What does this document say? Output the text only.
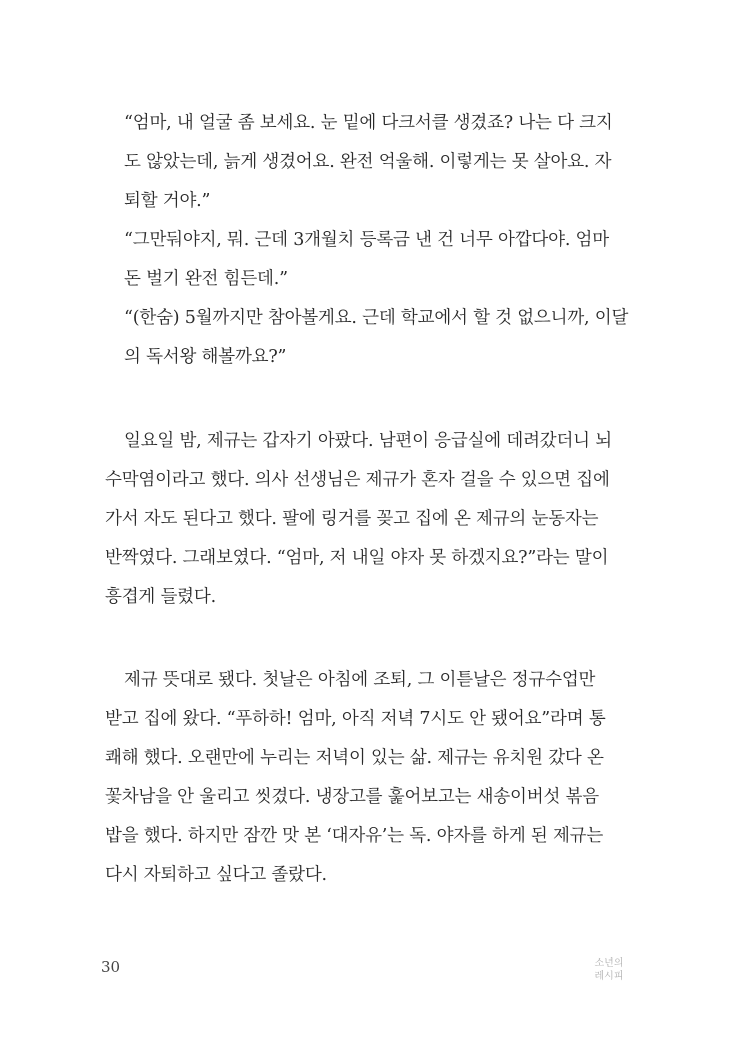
“엄마, 내 얼굴 좀 보세요. 눈 밑에 다크서클 생겼죠? 나는 다 크지
도 않았는데, 늙게 생겼어요. 완전 억울해. 이렇게는 못 살아요. 자
퇴할 거야.”
“그만둬야지, 뭐. 근데 3개월치 등록금 낸 건 너무 아깝다야. 엄마
돈 벌기 완전 힘든데.”
“(한숨) 5월까지만 참아볼게요. 근데 학교에서 할 것 없으니까, 이달
의 독서왕 해볼까요?”
일요일 밤, 제규는 갑자기 아팠다. 남편이 응급실에 데려갔더니 뇌
수막염이라고 했다. 의사 선생님은 제규가 혼자 걸을 수 있으면 집에
가서 자도 된다고 했다. 팔에 링거를 꽂고 집에 온 제규의 눈동자는
반짝였다. 그래보였다. “엄마, 저 내일 야자 못 하겠지요?”라는 말이
흥겹게 들렸다.
제규 뜻대로 됐다. 첫날은 아침에 조퇴, 그 이튿날은 정규수업만
받고 집에 왔다. “푸하하! 엄마, 아직 저녁 7시도 안 됐어요”라며 통
쾌해 했다. 오랜만에 누리는 저녁이 있는 삶. 제규는 유치원 갔다 온
꽃차남을 안 울리고 씻겼다. 냉장고를 훑어보고는 새송이버섯 볶음
밥을 했다. 하지만 잠깐 맛 본 ‘대자유’는 독. 야자를 하게 된 제규는
다시 자퇴하고 싶다고 졸랐다.
30	소년의
레시피
